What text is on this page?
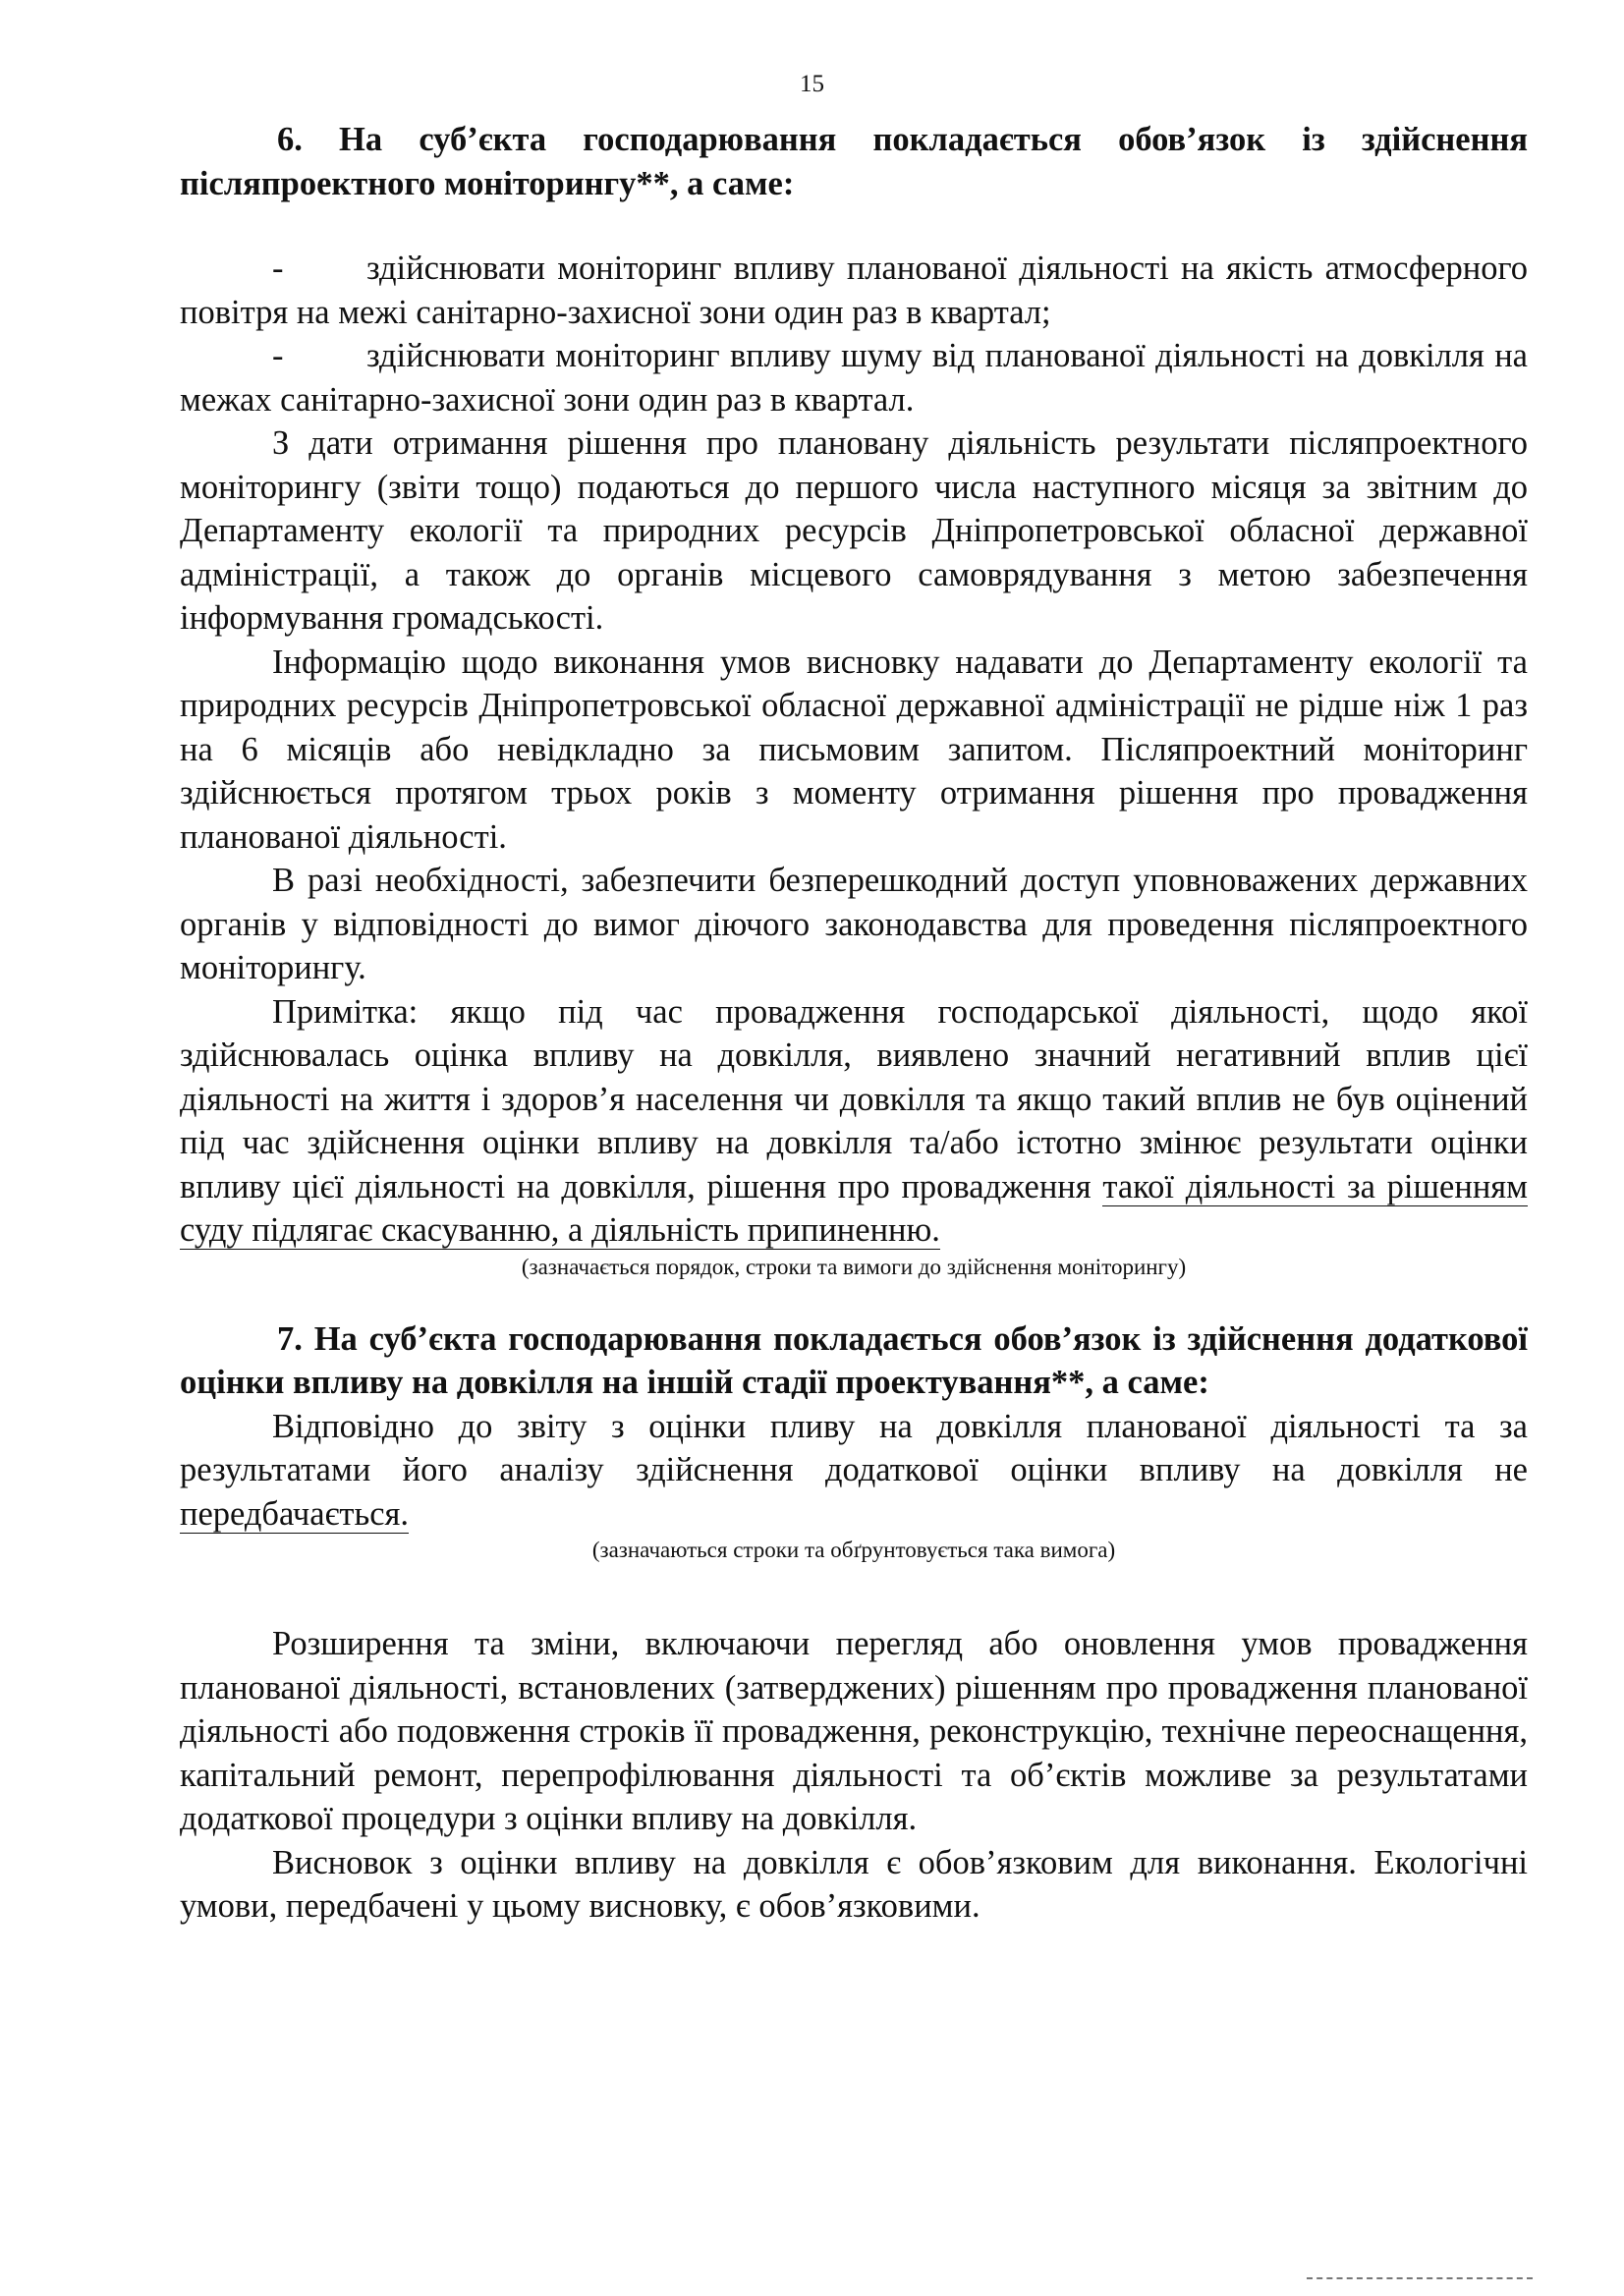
15

6. На суб’єкта господарювання покладається обов’язок із здійснення післяпроектного моніторингу**, а саме:

- здійснювати моніторинг впливу планованої діяльності на якість атмосферного повітря на межі санітарно-захисної зони один раз в квартал;

- здійснювати моніторинг впливу шуму від планованої діяльності на довкілля на межах санітарно-захисної зони один раз в квартал.

З дати отримання рішення про плановану діяльність результати післяпроектного моніторингу (звіти тощо) подаються до першого числа наступного місяця за звітним до Департаменту екології та природних ресурсів Дніпропетровської обласної державної адміністрації, а також до органів місцевого самоврядування з метою забезпечення інформування громадськості.

Інформацію щодо виконання умов висновку надавати до Департаменту екології та природних ресурсів Дніпропетровської обласної державної адміністрації не рідше ніж 1 раз на 6 місяців або невідкладно за письмовим запитом. Післяпроектний моніторинг здійснюється протягом трьох років з моменту отримання рішення про провадження планованої діяльності.

В разі необхідності, забезпечити безперешкодний доступ уповноважених державних органів у відповідності до вимог діючого законодавства для проведення післяпроектного моніторингу.

Примітка: якщо під час провадження господарської діяльності, щодо якої здійснювалась оцінка впливу на довкілля, виявлено значний негативний вплив цієї діяльності на життя і здоров’я населення чи довкілля та якщо такий вплив не був оцінений під час здійснення оцінки впливу на довкілля та/або істотно змінює результати оцінки впливу цієї діяльності на довкілля, рішення про провадження такої діяльності за рішенням суду підлягає скасуванню, а діяльність припиненню.

(зазначається порядок, строки та вимоги до здійснення моніторингу)

7. На суб’єкта господарювання покладається обов’язок із здійснення додаткової оцінки впливу на довкілля на іншій стадії проектування**, а саме:

Відповідно до звіту з оцінки пливу на довкілля планованої діяльності та за результатами його аналізу здійснення додаткової оцінки впливу на довкілля не передбачається.

(зазначаються строки та обґрунтовується така вимога)

Розширення та зміни, включаючи перегляд або оновлення умов провадження планованої діяльності, встановлених (затверджених) рішенням про провадження планованої діяльності або подовження строків її провадження, реконструкцію, технічне переоснащення, капітальний ремонт, перепрофілювання діяльності та об’єктів можливе за результатами додаткової процедури з оцінки впливу на довкілля.

Висновок з оцінки впливу на довкілля є обов’язковим для виконання. Екологічні умови, передбачені у цьому висновку, є обов’язковими.
